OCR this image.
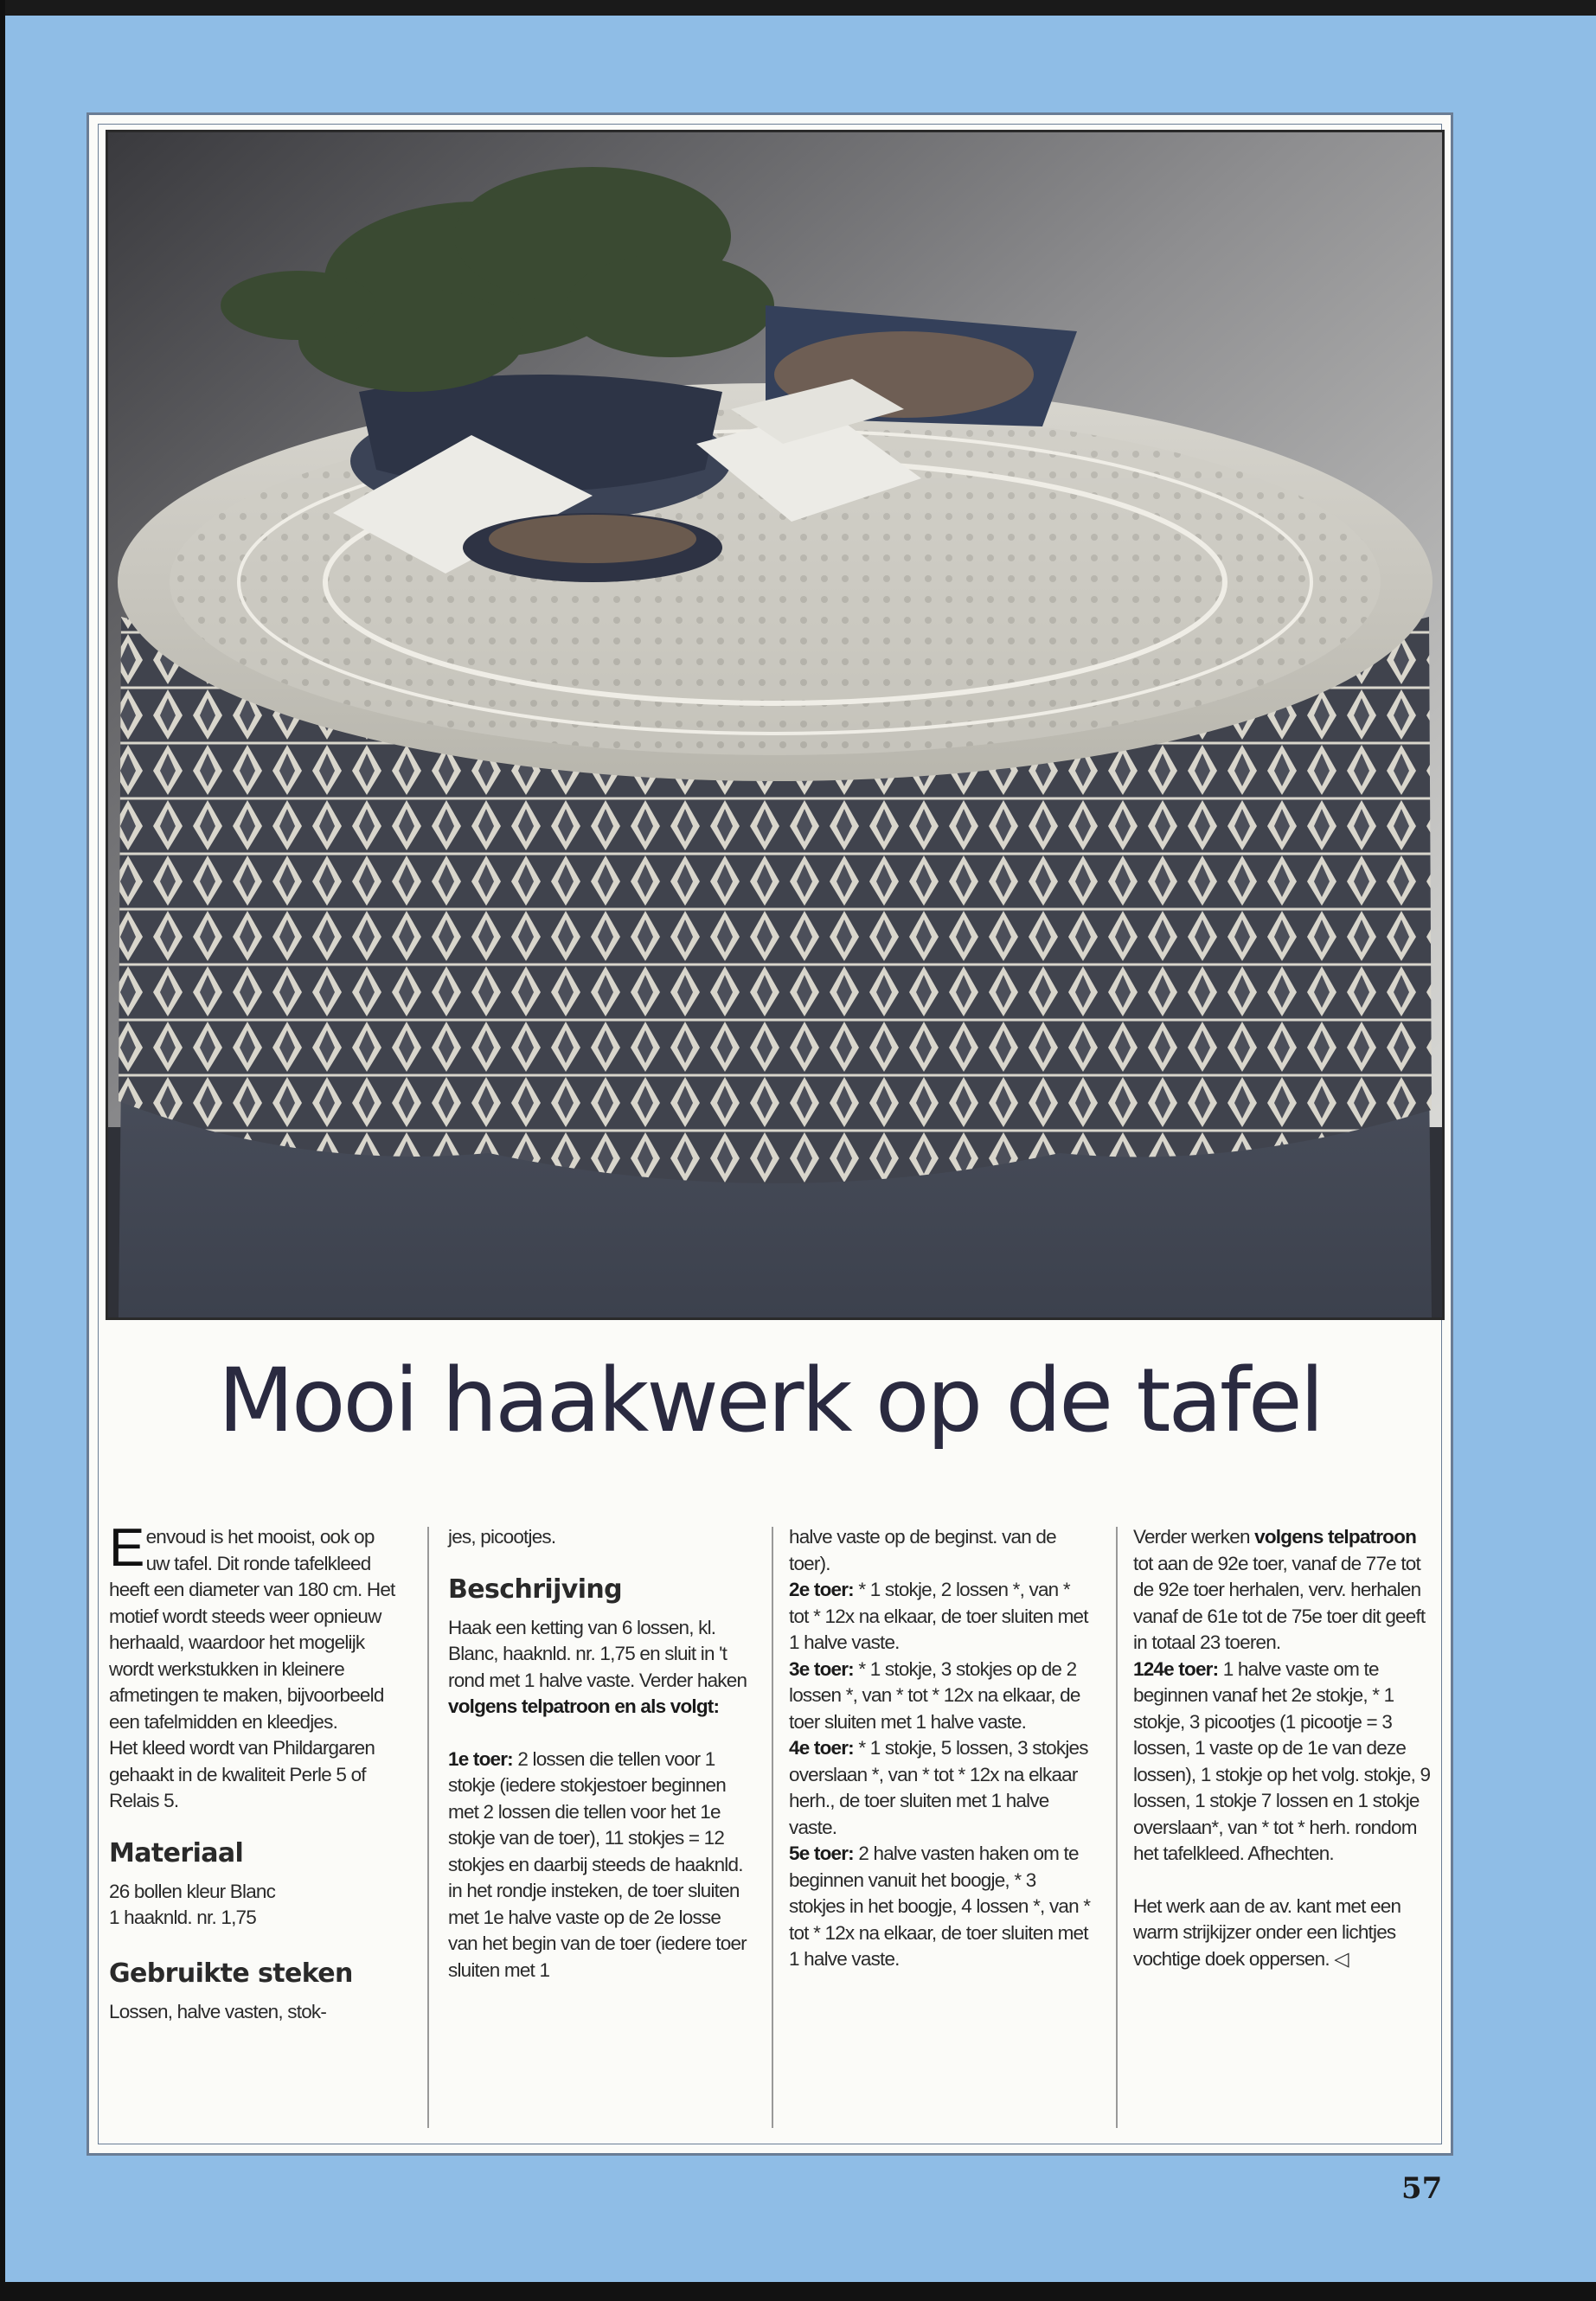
Mooi haakwerk op de tafel

Eenvoud is het mooist, ook op uw tafel. Dit ronde tafelkleed heeft een diameter van 180 cm. Het motief wordt steeds weer opnieuw herhaald, waardoor het mogelijk wordt werkstukken in kleinere afmetingen te maken, bijvoorbeeld een tafelmidden en kleedjes.

Het kleed wordt van Phildargaren gehaakt in de kwaliteit Perle 5 of Relais 5.

Materiaal

26 bollen kleur Blanc

1 haaknld. nr. 1,75

Gebruikte steken

Lossen, halve vasten, stok-

jes, picootjes.

Beschrijving

Haak een ketting van 6 lossen, kl. Blanc, haaknld. nr. 1,75 en sluit in 't rond met 1 halve vaste. Verder haken volgens telpatroon en als volgt:

1e toer: 2 lossen die tellen voor 1 stokje (iedere stokjestoer beginnen met 2 lossen die tellen voor het 1e stokje van de toer), 11 stokjes = 12 stokjes en daarbij steeds de haaknld. in het rondje insteken, de toer sluiten met 1e halve vaste op de 2e losse van het begin van de toer (iedere toer sluiten met 1

halve vaste op de beginst. van de toer).

2e toer: * 1 stokje, 2 lossen *, van * tot * 12x na elkaar, de toer sluiten met 1 halve vaste.

3e toer: * 1 stokje, 3 stokjes op de 2 lossen *, van * tot * 12x na elkaar, de toer sluiten met 1 halve vaste.

4e toer: * 1 stokje, 5 lossen, 3 stokjes overslaan *, van * tot * 12x na elkaar herh., de toer sluiten met 1 halve vaste.

5e toer: 2 halve vasten haken om te beginnen vanuit het boogje, * 3 stokjes in het boogje, 4 lossen *, van * tot * 12x na elkaar, de toer sluiten met 1 halve vaste.

Verder werken volgens telpatroon tot aan de 92e toer, vanaf de 77e tot de 92e toer herhalen, verv. herhalen vanaf de 61e tot de 75e toer dit geeft in totaal 23 toeren.

124e toer: 1 halve vaste om te beginnen vanaf het 2e stokje, * 1 stokje, 3 picootjes (1 picootje = 3 lossen, 1 vaste op de 1e van deze lossen), 1 stokje op het volg. stokje, 9 lossen, 1 stokje 7 lossen en 1 stokje overslaan*, van * tot * herh. rondom het tafelkleed. Afhechten.

Het werk aan de av. kant met een warm strijkijzer onder een lichtjes vochtige doek oppersen. ◁

57
